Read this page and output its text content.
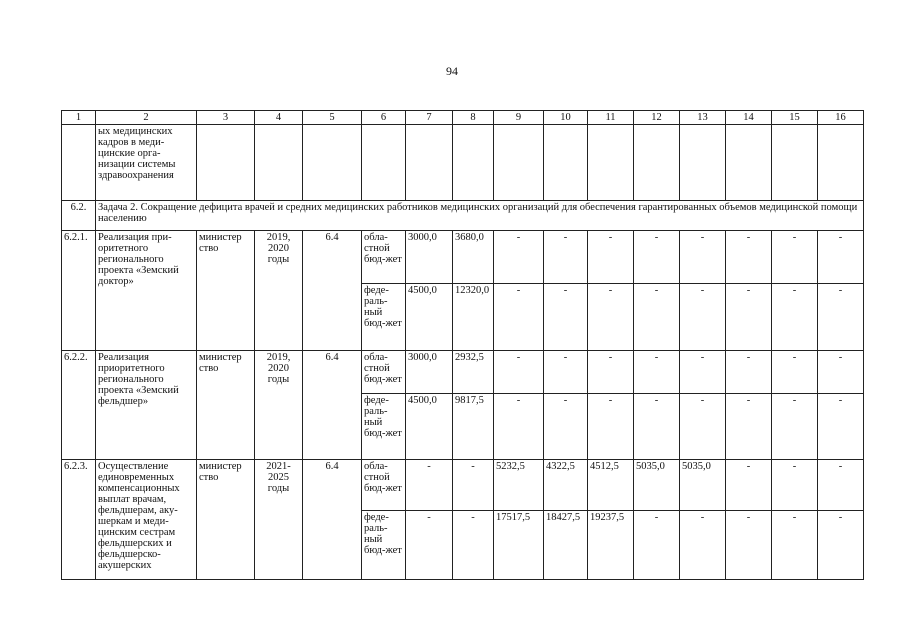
94
1	2	3	4	5	6	7	8	9	10	11	12	13	14	15	16
	ых медицинских кадров в меди-цинские орга-низации системы здравоохранения														
6.2.	Задача 2. Сокращение дефицита врачей и средних медицинских работников медицинских организаций для обеспечения гарантированных объемов медицинской помощи населению														
6.2.1.	Реализация при-оритетного регионального проекта «Земский доктор»	министер ство	2019, 2020 годы	6.4	обла-стной бюд-жет	3000,0	3680,0	-	-	-	-	-	-	-	-
					феде-раль-ный бюд-жет	4500,0	12320,0	-	-	-	-	-	-	-	-
6.2.2.	Реализация приоритетного регионального проекта «Земский фельдшер»	министер ство	2019, 2020 годы	6.4	обла-стной бюд-жет	3000,0	2932,5	-	-	-	-	-	-	-	-
					феде-раль-ный бюд-жет	4500,0	9817,5	-	-	-	-	-	-	-	-
6.2.3.	Осуществление единовременных компенсационных выплат врачам, фельдшерам, аку-шеркам и меди-цинским сестрам фельдшерских и фельдшерско-акушерских	министер ство	2021-2025 годы	6.4	обла-стной бюд-жет	-	-	5232,5	4322,5	4512,5	5035,0	5035,0	-	-	-
					феде-раль-ный бюд-жет	-	-	17517,5	18427,5	19237,5	-	-	-	-	-
